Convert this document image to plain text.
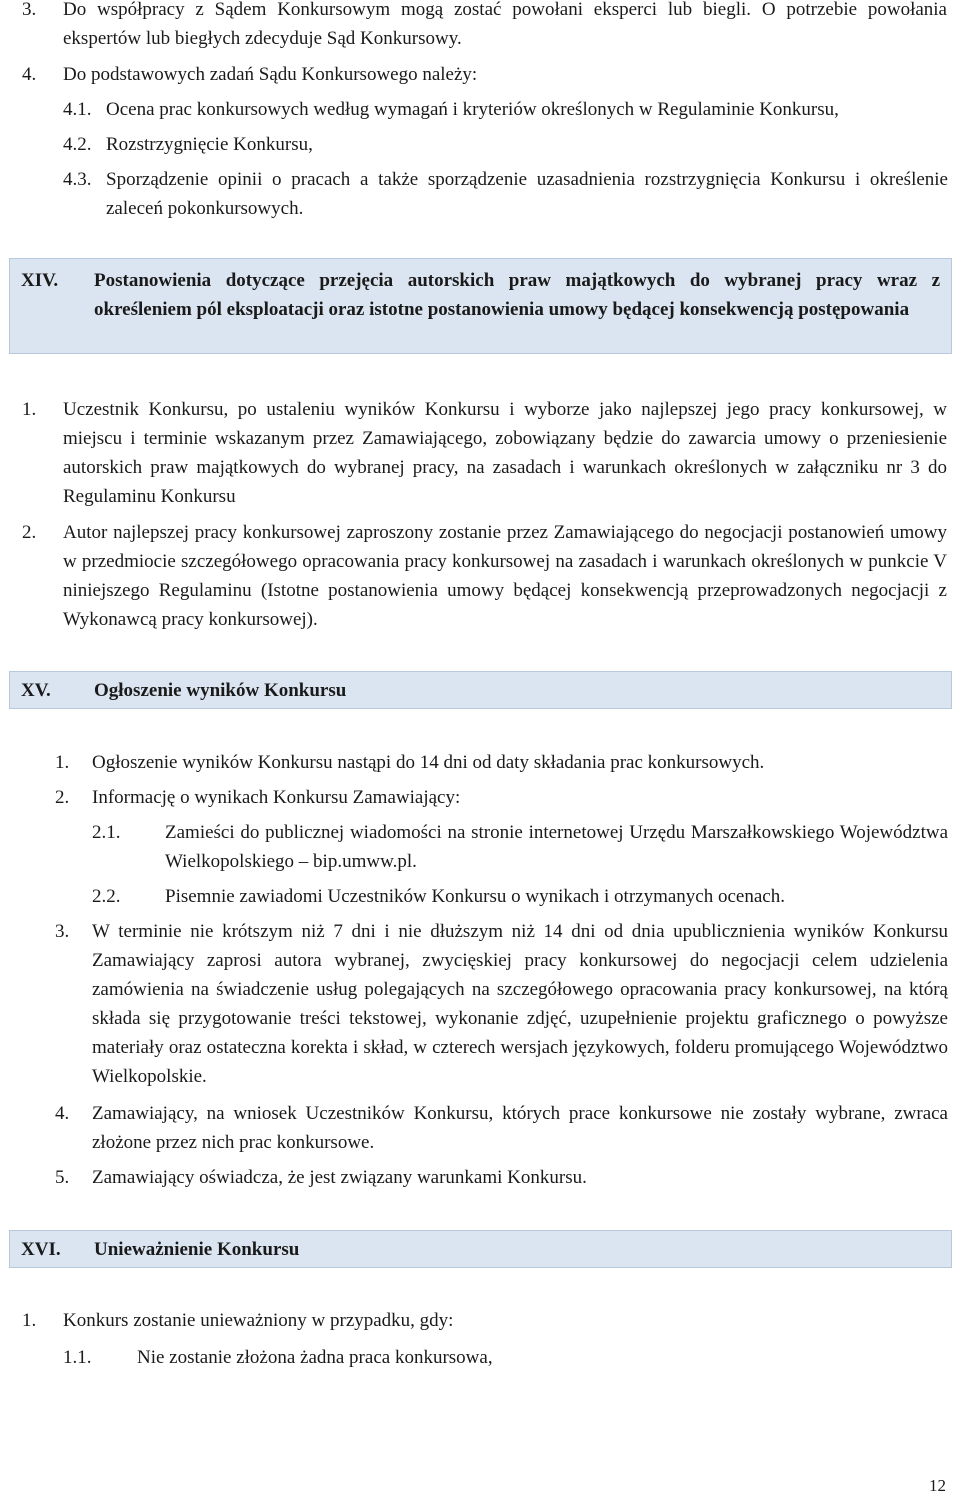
3. Do współpracy z Sądem Konkursowym mogą zostać powołani eksperci lub biegli. O potrzebie powołania ekspertów lub biegłych zdecyduje Sąd Konkursowy.
4. Do podstawowych zadań Sądu Konkursowego należy:
4.1. Ocena prac konkursowych według wymagań i kryteriów określonych w Regulaminie Konkursu,
4.2. Rozstrzygnięcie Konkursu,
4.3. Sporządzenie opinii o pracach a także sporządzenie uzasadnienia rozstrzygnięcia Konkursu i określenie zaleceń pokonkursowych.
XIV. Postanowienia dotyczące przejęcia autorskich praw majątkowych do wybranej pracy wraz z określeniem pól eksploatacji oraz istotne postanowienia umowy będącej konsekwencją postępowania
1. Uczestnik Konkursu, po ustaleniu wyników Konkursu i wyborze jako najlepszej jego pracy konkursowej, w miejscu i terminie wskazanym przez Zamawiającego, zobowiązany będzie do zawarcia umowy o przeniesienie autorskich praw majątkowych do wybranej pracy, na zasadach i warunkach określonych w załączniku nr 3 do Regulaminu Konkursu
2. Autor najlepszej pracy konkursowej zaproszony zostanie przez Zamawiającego do negocjacji postanowień umowy w przedmiocie szczegółowego opracowania pracy konkursowej na zasadach i warunkach określonych w punkcie V niniejszego Regulaminu (Istotne postanowienia umowy będącej konsekwencją przeprowadzonych negocjacji z Wykonawcą pracy konkursowej).
XV. Ogłoszenie wyników Konkursu
1. Ogłoszenie wyników Konkursu nastąpi do 14 dni od daty składania prac konkursowych.
2. Informację o wynikach Konkursu Zamawiający:
2.1. Zamieści do publicznej wiadomości na stronie internetowej Urzędu Marszałkowskiego Województwa Wielkopolskiego – bip.umww.pl.
2.2. Pisemnie zawiadomi Uczestników Konkursu o wynikach i otrzymanych ocenach.
3. W terminie nie krótszym niż 7 dni i nie dłuższym niż 14 dni od dnia upublicznienia wyników Konkursu Zamawiający zaprosi autora wybranej, zwycięskiej pracy konkursowej do negocjacji celem udzielenia zamówienia na świadczenie usług polegających na szczegółowego opracowania pracy konkursowej, na którą składa się przygotowanie treści tekstowej, wykonanie zdjęć, uzupełnienie projektu graficznego o powyższe materiały oraz ostateczna korekta i skład, w czterech wersjach językowych, folderu promującego Województwo Wielkopolskie.
4. Zamawiający, na wniosek Uczestników Konkursu, których prace konkursowe nie zostały wybrane, zwraca złożone przez nich prac konkursowe.
5. Zamawiający oświadcza, że jest związany warunkami Konkursu.
XVI. Unieważnienie Konkursu
1. Konkurs zostanie unieważniony w przypadku, gdy:
1.1. Nie zostanie złożona żadna praca konkursowa,
12
